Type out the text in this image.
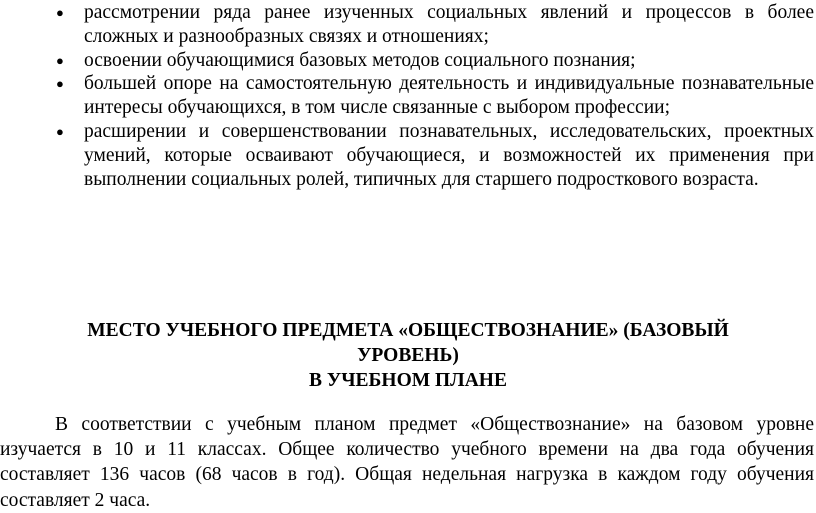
● рассмотрении ряда ранее изученных социальных явлений и процессов в более сложных и разнообразных связях и отношениях;
● освоении обучающимися базовых методов социального познания;
● большей опоре на самостоятельную деятельность и индивидуальные познавательные интересы обучающихся, в том числе связанные с выбором профессии;
● расширении и совершенствовании познавательных, исследовательских, проектных умений, которые осваивают обучающиеся, и возможностей их применения при выполнении социальных ролей, типичных для старшего подросткового возраста.
МЕСТО УЧЕБНОГО ПРЕДМЕТА «ОБЩЕСТВОЗНАНИЕ» (БАЗОВЫЙ
УРОВЕНЬ)
В УЧЕБНОМ ПЛАНЕ

В соответствии с учебным планом предмет «Обществознание» на базовом уровне изучается в 10 и 11 классах. Общее количество учебного времени на два года обучения составляет 136 часов (68 часов в год). Общая недельная нагрузка в каждом году обучения составляет 2 часа.
